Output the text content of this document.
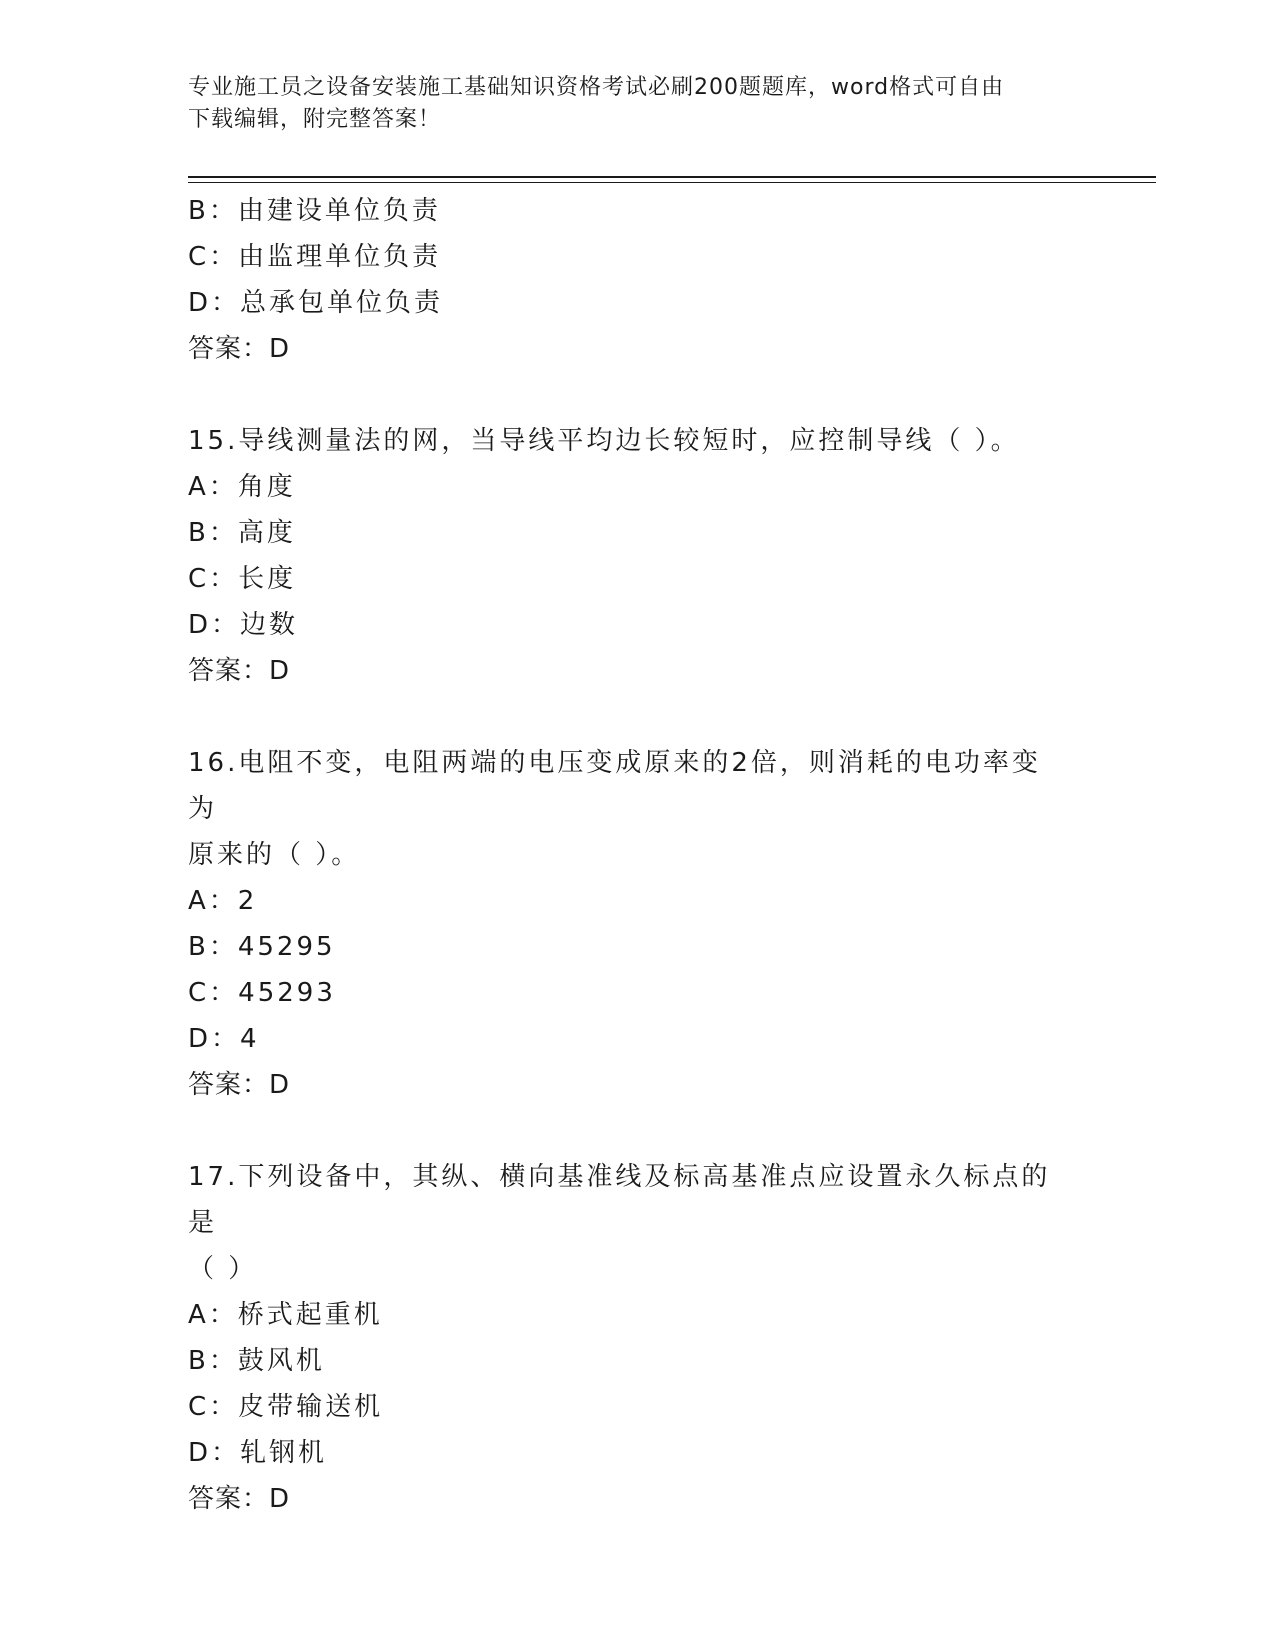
专业施工员之设备安装施工基础知识资格考试必刷200题题库，word格式可自由
下载编辑，附完整答案！
B：由建设单位负责
C：由监理单位负责
D：总承包单位负责
答案：D
15.导线测量法的网，当导线平均边长较短时，应控制导线（ ）。
A：角度
B：高度
C：长度
D：边数
答案：D
16.电阻不变，电阻两端的电压变成原来的2倍，则消耗的电功率变为
原来的（ ）。
A：2
B：45295
C：45293
D：4
答案：D
17.下列设备中，其纵、横向基准线及标高基准点应设置永久标点的是
（ ）
A：桥式起重机
B：鼓风机
C：皮带输送机
D：轧钢机
答案：D
